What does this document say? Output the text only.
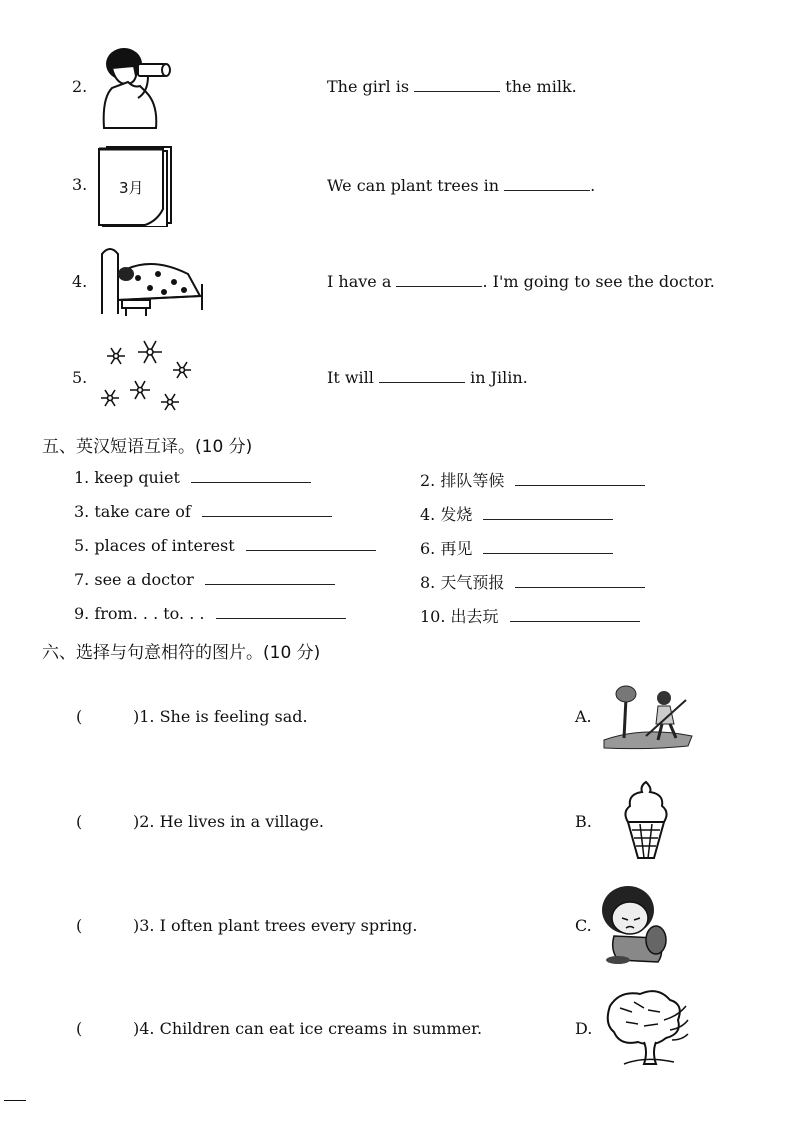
2.	The girl is	the milk.
3. 3月	We can plant trees in	.
4.	I have a	. I'm going to see the doctor.
5.	It will	in Jilin.
五、英汉短语互译。(10 分)
1. keep quiet	2. 排队等候
3. take care of	4. 发烧
5. places of interest	6. 再见
7. see a doctor	8. 天气预报
9. from. . . to. . .	10. 出去玩
六、选择与句意相符的图片。(10 分)
(	)1. She is feeling sad.	A.
(	)2. He lives in a village.	B.
(	)3. I often plant trees every spring.	C.
(	)4. Children can eat ice creams in summer.	D.
